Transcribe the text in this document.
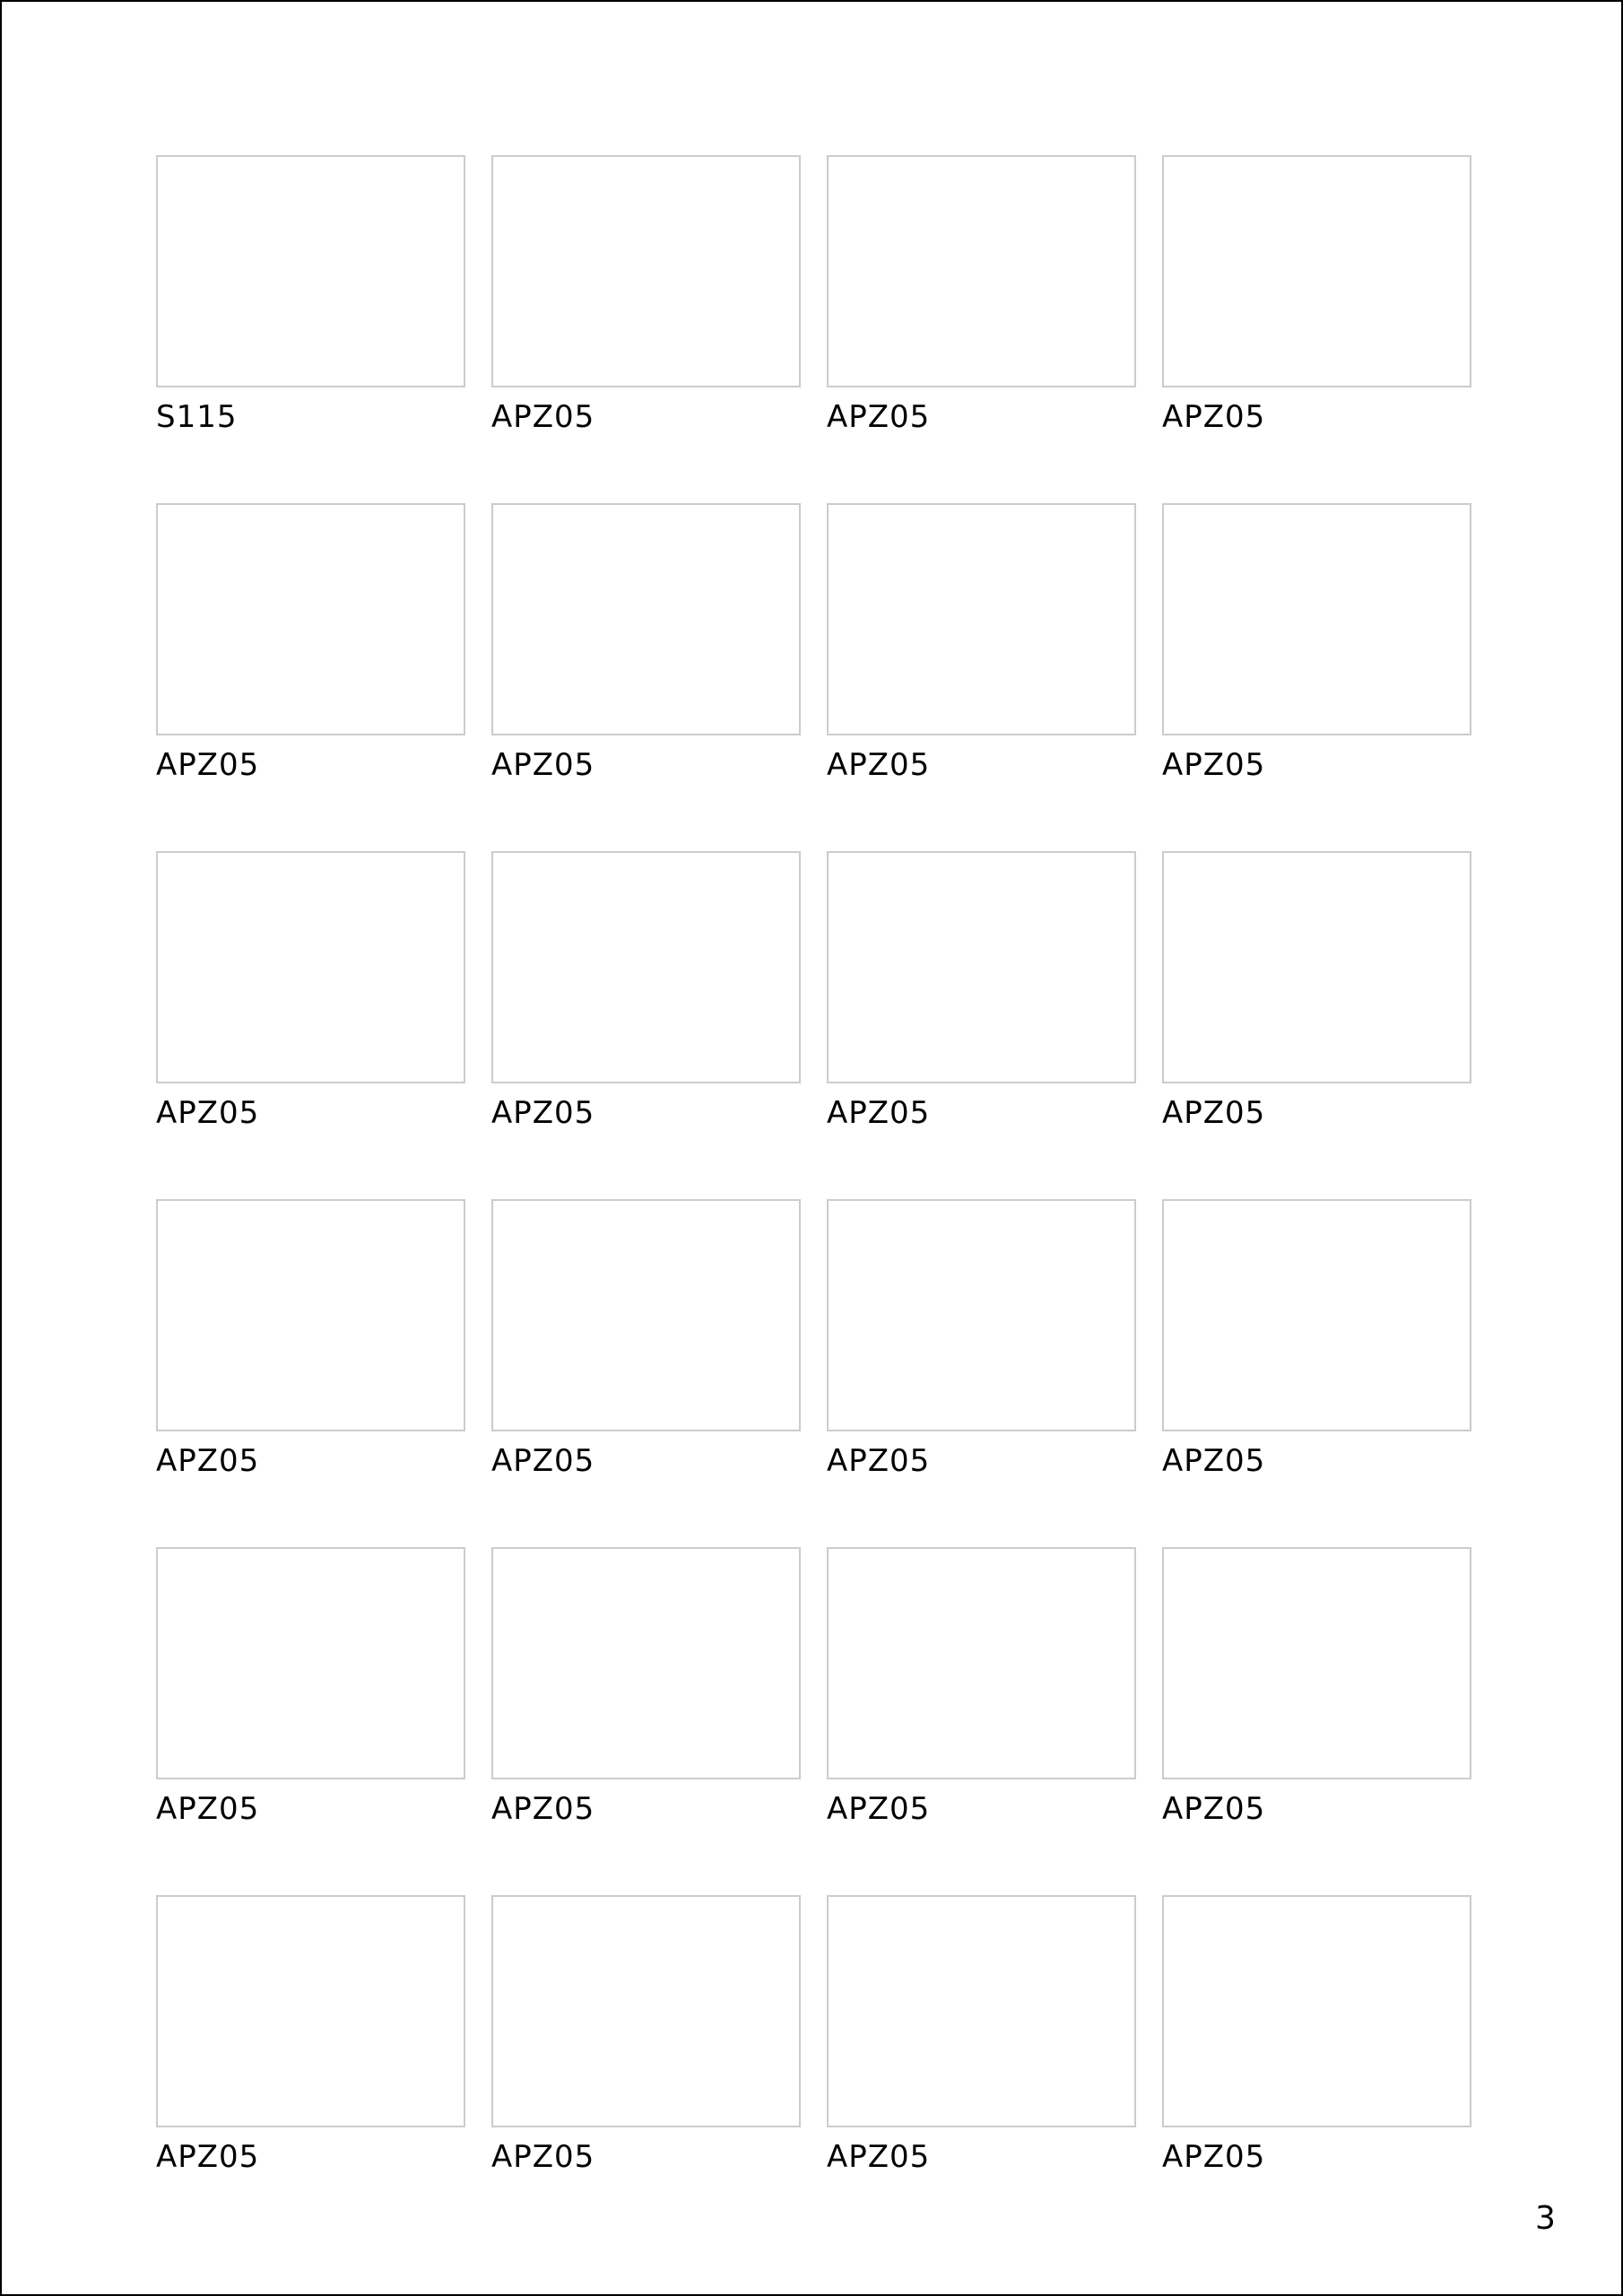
S115	APZ05	APZ05	APZ05
APZ05	APZ05	APZ05	APZ05
APZ05	APZ05	APZ05	APZ05
APZ05	APZ05	APZ05	APZ05
APZ05	APZ05	APZ05	APZ05
APZ05	APZ05	APZ05	APZ05
3
